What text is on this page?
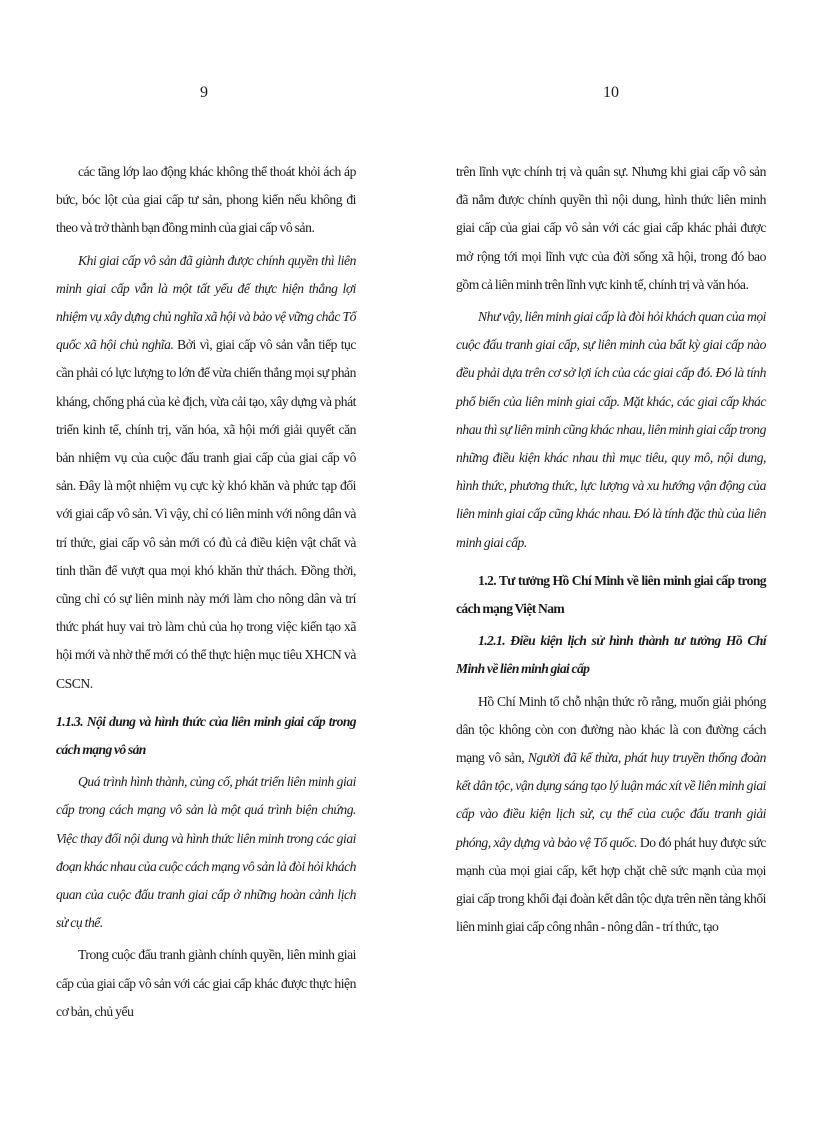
9

các tầng lớp lao động khác không thể thoát khỏi ách áp bức, bóc lột của giai cấp tư sản, phong kiến nếu không đi theo và trở thành bạn đồng minh của giai cấp vô sản.

Khi giai cấp vô sản đã giành được chính quyền thì liên minh giai cấp vẫn là một tất yếu để thực hiện thắng lợi nhiệm vụ xây dựng chủ nghĩa xã hội và bảo vệ vững chắc Tổ quốc xã hội chủ nghĩa. Bởi vì, giai cấp vô sản vẫn tiếp tục cần phải có lực lượng to lớn để vừa chiến thắng mọi sự phản kháng, chống phá của kẻ địch, vừa cải tạo, xây dựng và phát triển kinh tế, chính trị, văn hóa, xã hội mới giải quyết căn bản nhiệm vụ của cuộc đấu tranh giai cấp của giai cấp vô sản. Đây là một nhiệm vụ cực kỳ khó khăn và phức tạp đối với giai cấp vô sản. Vì vậy, chỉ có liên minh với nông dân và trí thức, giai cấp vô sản mới có đủ cả điều kiện vật chất và tinh thần để vượt qua mọi khó khăn thử thách. Đồng thời, cũng chỉ có sự liên minh này mới làm cho nông dân và trí thức phát huy vai trò làm chủ của họ trong việc kiến tạo xã hội mới và nhờ thế mới có thể thực hiện mục tiêu XHCN và CSCN.

1.1.3. Nội dung và hình thức của liên minh giai cấp trong cách mạng vô sản

Quá trình hình thành, củng cố, phát triển liên minh giai cấp trong cách mạng vô sản là một quá trình biện chứng. Việc thay đổi nội dung và hình thức liên minh trong các giai đoạn khác nhau của cuộc cách mạng vô sản là đòi hỏi khách quan của cuộc đấu tranh giai cấp ở những hoàn cảnh lịch sử cụ thể.

Trong cuộc đấu tranh giành chính quyền, liên minh giai cấp của giai cấp vô sản với các giai cấp khác được thực hiện cơ bản, chủ yếu

10

trên lĩnh vực chính trị và quân sự. Nhưng khi giai cấp vô sản đã nắm được chính quyền thì nội dung, hình thức liên minh giai cấp của giai cấp vô sản với các giai cấp khác phải được mở rộng tới mọi lĩnh vực của đời sống xã hội, trong đó bao gồm cả liên minh trên lĩnh vực kinh tế, chính trị và văn hóa.

Như vậy, liên minh giai cấp là đòi hỏi khách quan của mọi cuộc đấu tranh giai cấp, sự liên minh của bất kỳ giai cấp nào đều phải dựa trên cơ sở lợi ích của các giai cấp đó. Đó là tính phổ biến của liên minh giai cấp. Mặt khác, các giai cấp khác nhau thì sự liên minh cũng khác nhau, liên minh giai cấp trong những điều kiện khác nhau thì mục tiêu, quy mô, nội dung, hình thức, phương thức, lực lượng và xu hướng vận động của liên minh giai cấp cũng khác nhau. Đó là tính đặc thù của liên minh giai cấp.

1.2. Tư tưởng Hồ Chí Minh về liên minh giai cấp trong cách mạng Việt Nam

1.2.1. Điều kiện lịch sử hình thành tư tưởng Hồ Chí Minh về liên minh giai cấp

Hồ Chí Minh tổ chỗ nhận thức rõ rằng, muốn giải phóng dân tộc không còn con đường nào khác là con đường cách mạng vô sản, Người đã kế thừa, phát huy truyền thống đoàn kết dân tộc, vận dụng sáng tạo lý luận mác xít về liên minh giai cấp vào điều kiện lịch sử, cụ thể của cuộc đấu tranh giải phóng, xây dựng và bảo vệ Tổ quốc. Do đó phát huy được sức mạnh của mọi giai cấp, kết hợp chặt chẽ sức mạnh của mọi giai cấp trong khối đại đoàn kết dân tộc dựa trên nền tảng khối liên minh giai cấp công nhân - nông dân - trí thức, tạo
